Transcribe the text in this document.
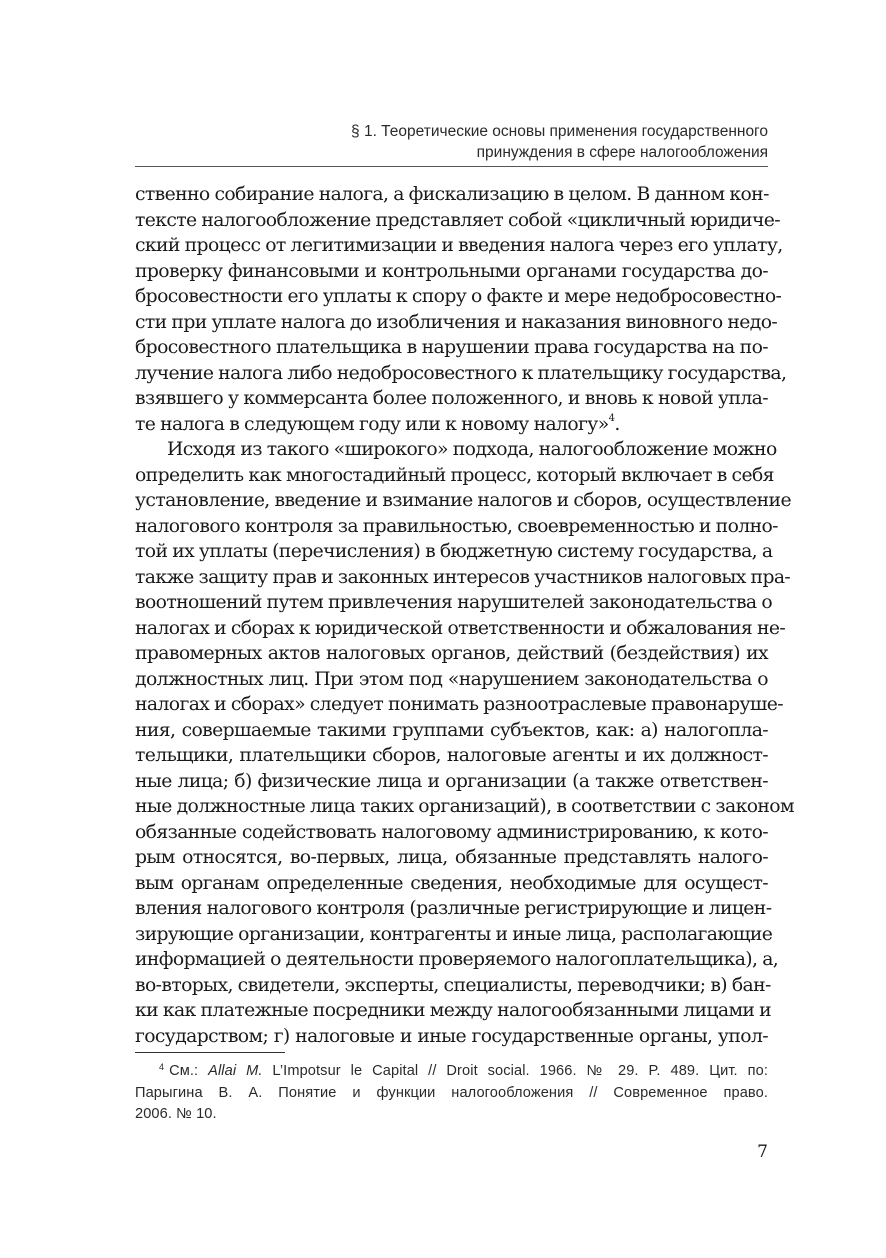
§ 1. Теоретические основы применения государственного
принуждения в сфере налогообложения
ственно собирание налога, а фискализацию в целом. В данном кон-
тексте налогообложение представляет собой «цикличный юридиче-
ский процесс от легитимизации и введения налога через его уплату,
проверку финансовыми и контрольными органами государства до-
бросовестности его уплаты к спору о факте и мере недобросовестно-
сти при уплате налога до изобличения и наказания виновного недо-
бросовестного плательщика в нарушении права государства на по-
лучение налога либо недобросовестного к плательщику государства,
взявшего у коммерсанта более положенного, и вновь к новой упла-
те налога в следующем году или к новому налогу»$^4$.
Исходя из такого «широкого» подхода, налогообложение можно
определить как многостадийный процесс, который включает в себя
установление, введение и взимание налогов и сборов, осуществление
налогового контроля за правильностью, своевременностью и полно-
той их уплаты (перечисления) в бюджетную систему государства, а
также защиту прав и законных интересов участников налоговых пра-
воотношений путем привлечения нарушителей законодательства о
налогах и сборах к юридической ответственности и обжалования не-
правомерных актов налоговых органов, действий (бездействия) их
должностных лиц. При этом под «нарушением законодательства о
налогах и сборах» следует понимать разноотраслевые правонаруше-
ния, совершаемые такими группами субъектов, как: а) налогопла-
тельщики, плательщики сборов, налоговые агенты и их должност-
ные лица; б) физические лица и организации (а также ответствен-
ные должностные лица таких организаций), в соответствии с законом
обязанные содействовать налоговому администрированию, к кото-
рым относятся, во-первых, лица, обязанные представлять налого-
вым органам определенные сведения, необходимые для осущест-
вления налогового контроля (различные регистрирующие и лицен-
зирующие организации, контрагенты и иные лица, располагающие
информацией о деятельности проверяемого налогоплательщика), а,
во-вторых, свидетели, эксперты, специалисты, переводчики; в) бан-
ки как платежные посредники между налогообязанными лицами и
государством; г) налоговые и иные государственные органы, упол-
$^4$ См.: Allai M. L’Impotsur le Capital // Droit social. 1966. № 29. P. 489. Цит. по:
Парыгина В. А. Понятие и функции налогообложения // Современное право.
2006. № 10.
7
